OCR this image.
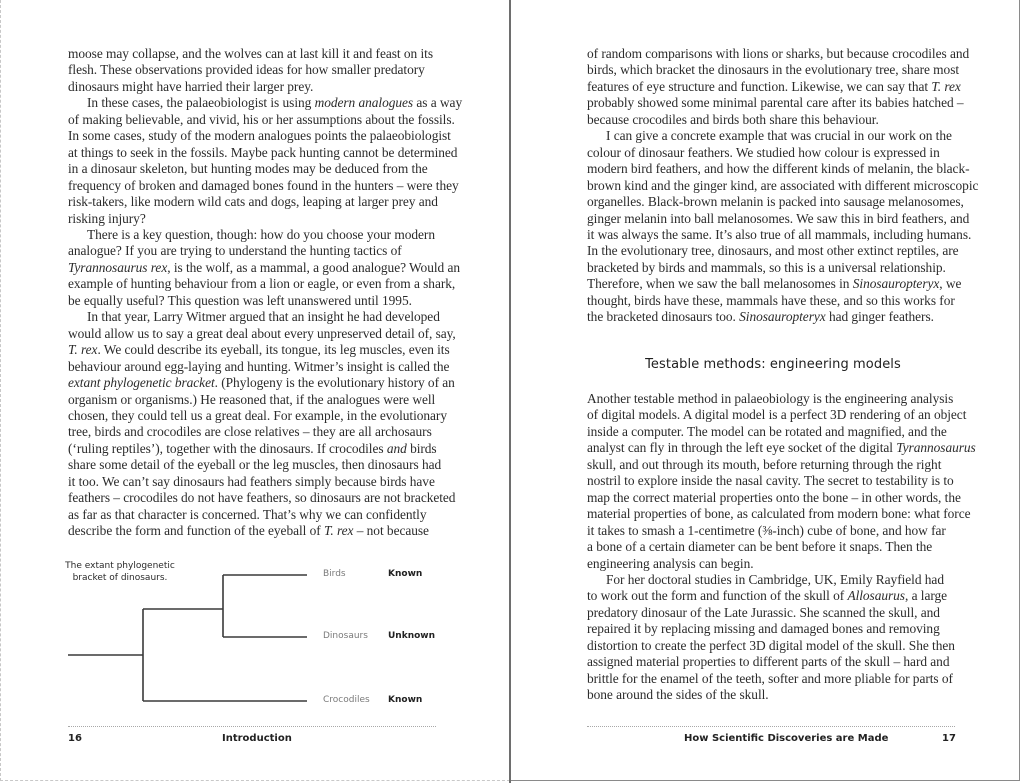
moose may collapse, and the wolves can at last kill it and feast on its
flesh. These observations provided ideas for how smaller predatory
dinosaurs might have harried their larger prey.
In these cases, the palaeobiologist is using modern analogues as a way
of making believable, and vivid, his or her assumptions about the fossils.
In some cases, study of the modern analogues points the palaeobiologist
at things to seek in the fossils. Maybe pack hunting cannot be determined
in a dinosaur skeleton, but hunting modes may be deduced from the
frequency of broken and damaged bones found in the hunters – were they
risk-takers, like modern wild cats and dogs, leaping at larger prey and
risking injury?
There is a key question, though: how do you choose your modern
analogue? If you are trying to understand the hunting tactics of
Tyrannosaurus rex, is the wolf, as a mammal, a good analogue? Would an
example of hunting behaviour from a lion or eagle, or even from a shark,
be equally useful? This question was left unanswered until 1995.
In that year, Larry Witmer argued that an insight he had developed
would allow us to say a great deal about every unpreserved detail of, say,
T. rex. We could describe its eyeball, its tongue, its leg muscles, even its
behaviour around egg-laying and hunting. Witmer’s insight is called the
extant phylogenetic bracket. (Phylogeny is the evolutionary history of an
organism or organisms.) He reasoned that, if the analogues were well
chosen, they could tell us a great deal. For example, in the evolutionary
tree, birds and crocodiles are close relatives – they are all archosaurs
(‘ruling reptiles’), together with the dinosaurs. If crocodiles and birds
share some detail of the eyeball or the leg muscles, then dinosaurs had
it too. We can’t say dinosaurs had feathers simply because birds have
feathers – crocodiles do not have feathers, so dinosaurs are not bracketed
as far as that character is concerned. That’s why we can confidently
describe the form and function of the eyeball of T. rex – not because
The extant phylogenetic
bracket of dinosaurs.	Birds	Known
Dinosaurs Unknown
Crocodiles Known
16	Introduction
of random comparisons with lions or sharks, but because crocodiles and
birds, which bracket the dinosaurs in the evolutionary tree, share most
features of eye structure and function. Likewise, we can say that T. rex
probably showed some minimal parental care after its babies hatched –
because crocodiles and birds both share this behaviour.
I can give a concrete example that was crucial in our work on the
colour of dinosaur feathers. We studied how colour is expressed in
modern bird feathers, and how the different kinds of melanin, the black-
brown kind and the ginger kind, are associated with different microscopic
organelles. Black-brown melanin is packed into sausage melanosomes,
ginger melanin into ball melanosomes. We saw this in bird feathers, and
it was always the same. It’s also true of all mammals, including humans.
In the evolutionary tree, dinosaurs, and most other extinct reptiles, are
bracketed by birds and mammals, so this is a universal relationship.
Therefore, when we saw the ball melanosomes in Sinosauropteryx, we
thought, birds have these, mammals have these, and so this works for
the bracketed dinosaurs too. Sinosauropteryx had ginger feathers.
Testable methods: engineering models
Another testable method in palaeobiology is the engineering analysis
of digital models. A digital model is a perfect 3D rendering of an object
inside a computer. The model can be rotated and magnified, and the
analyst can fly in through the left eye socket of the digital Tyrannosaurus
skull, and out through its mouth, before returning through the right
nostril to explore inside the nasal cavity. The secret to testability is to
map the correct material properties onto the bone – in other words, the
material properties of bone, as calculated from modern bone: what force
it takes to smash a 1-centimetre (⅜-inch) cube of bone, and how far
a bone of a certain diameter can be bent before it snaps. Then the
engineering analysis can begin.
For her doctoral studies in Cambridge, UK, Emily Rayfield had
to work out the form and function of the skull of Allosaurus, a large
predatory dinosaur of the Late Jurassic. She scanned the skull, and
repaired it by replacing missing and damaged bones and removing
distortion to create the perfect 3D digital model of the skull. She then
assigned material properties to different parts of the skull – hard and
brittle for the enamel of the teeth, softer and more pliable for parts of
bone around the sides of the skull.
How Scientific Discoveries are Made	17
